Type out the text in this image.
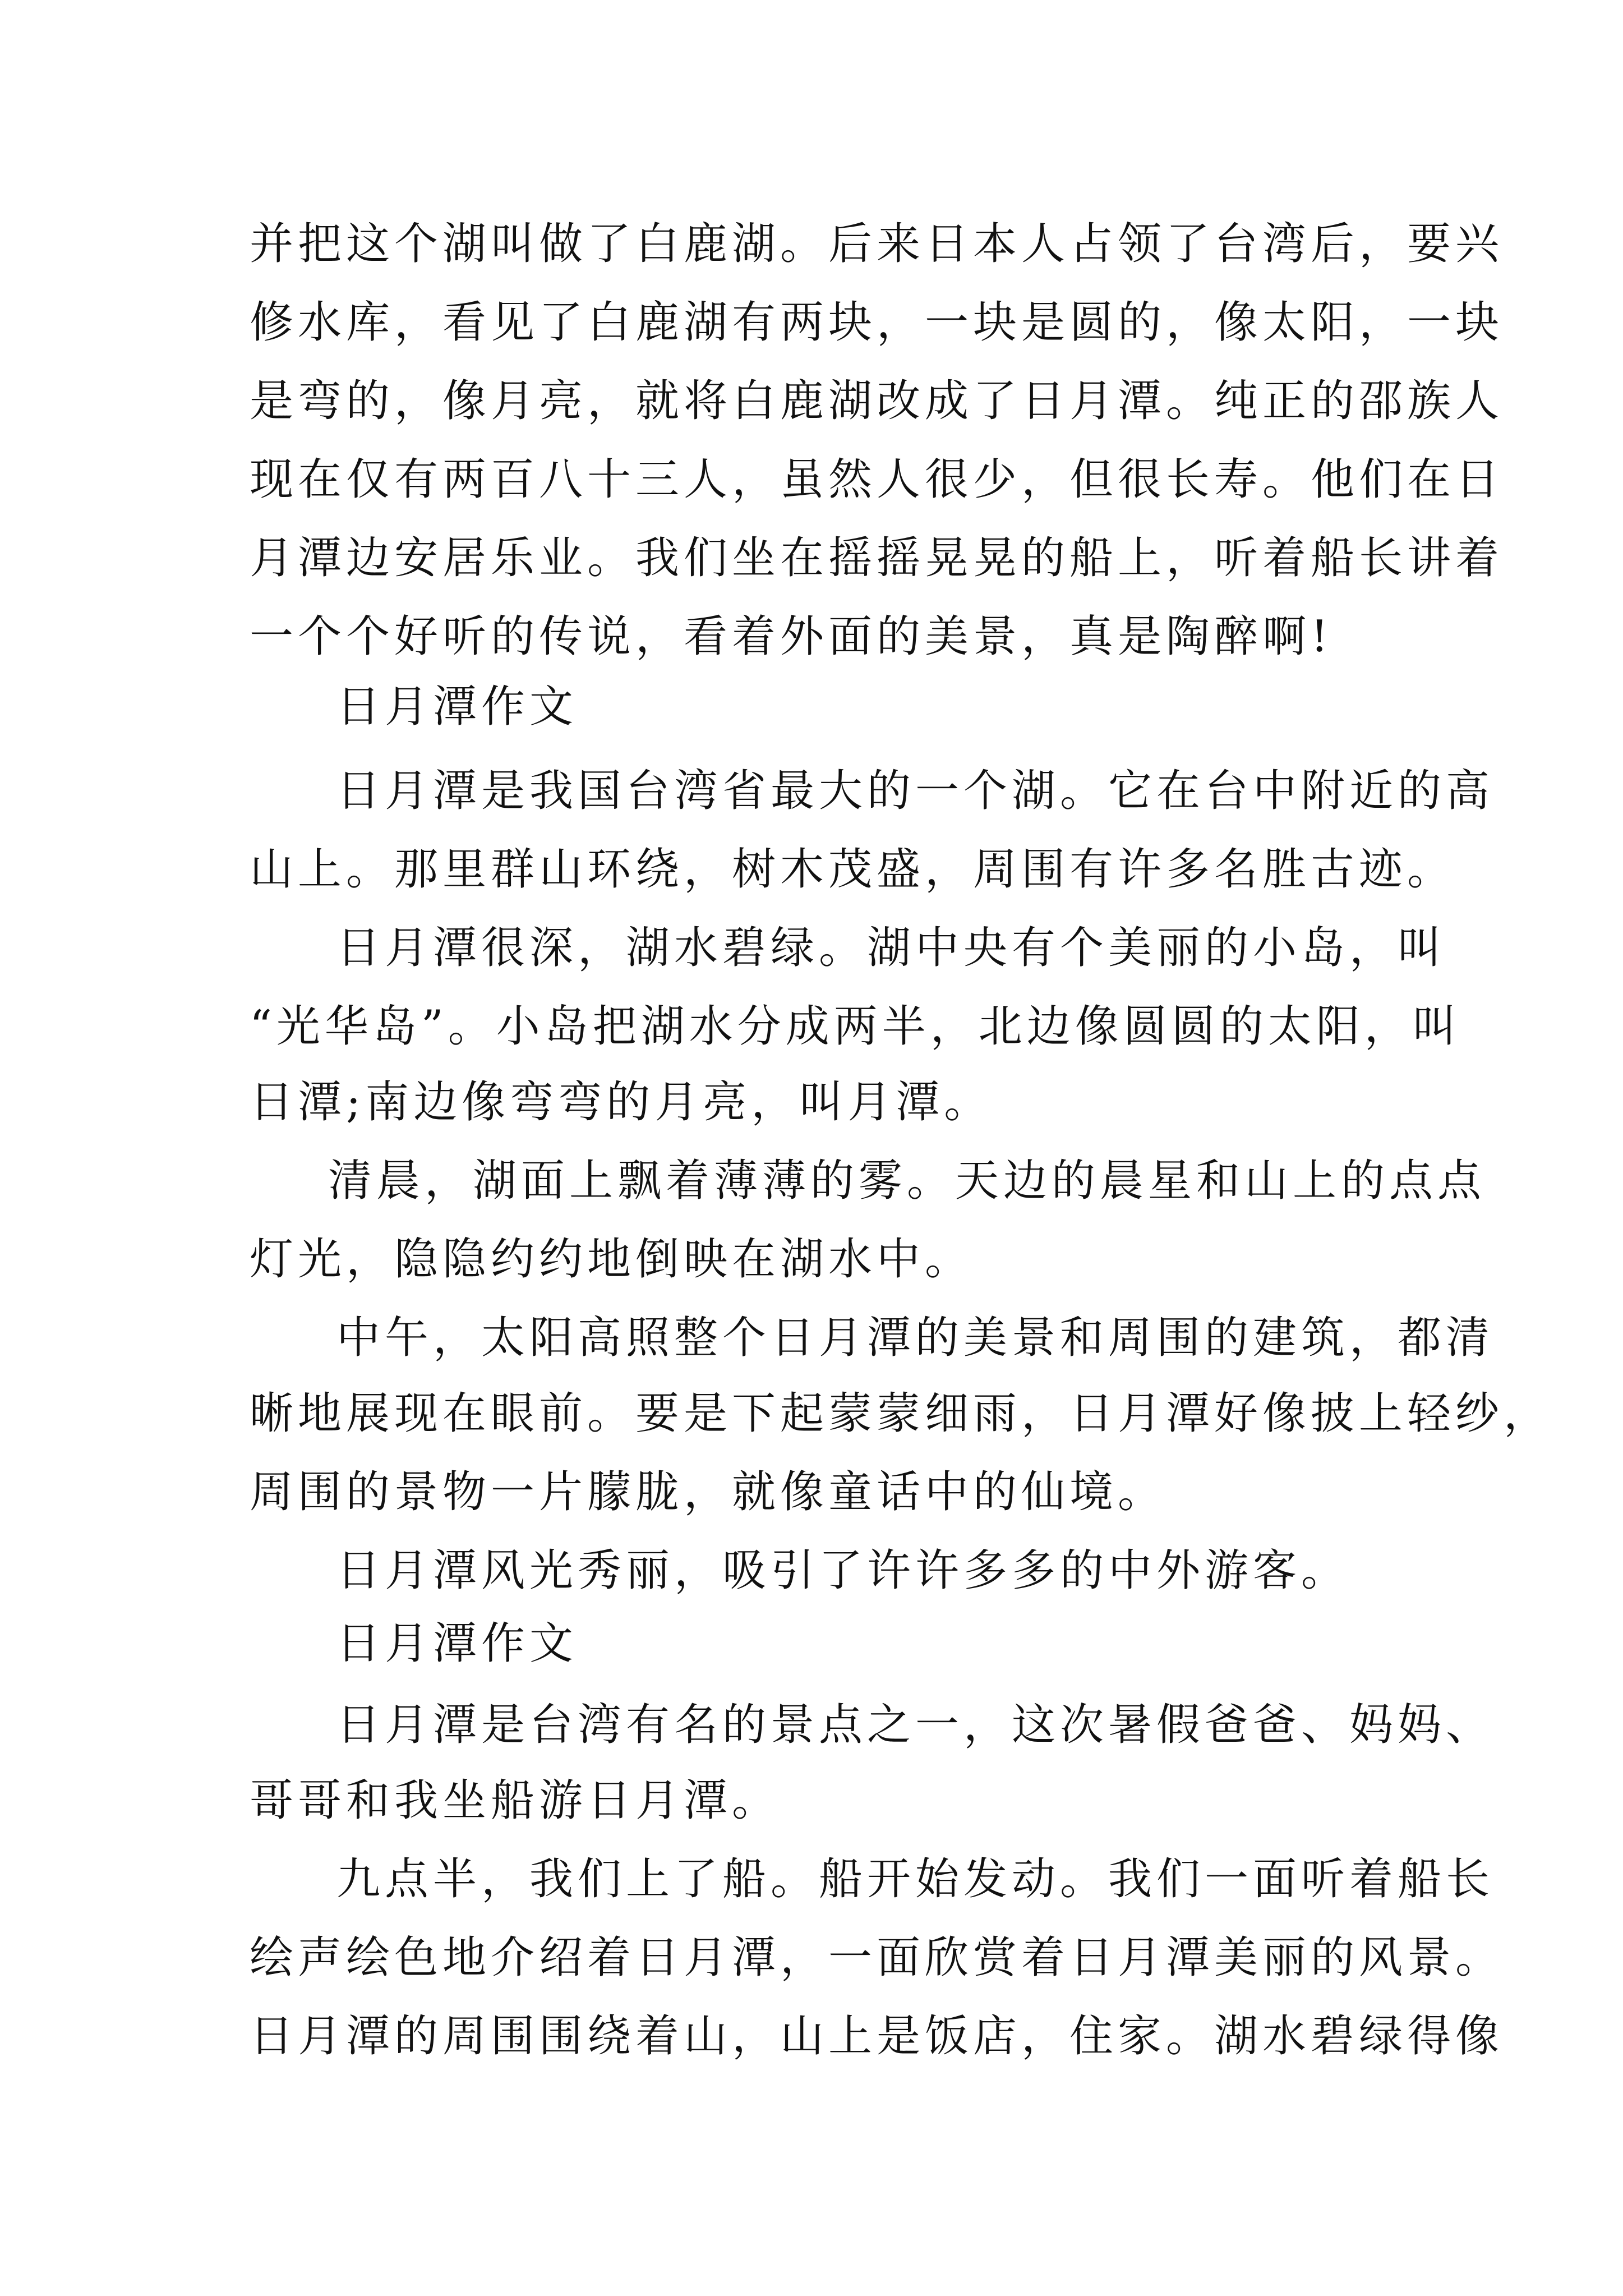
并把这个湖叫做了白鹿湖。后来日本人占领了台湾后，要兴
修水库，看见了白鹿湖有两块，一块是圆的，像太阳，一块
是弯的，像月亮，就将白鹿湖改成了日月潭。纯正的邵族人
现在仅有两百八十三人，虽然人很少，但很长寿。他们在日
月潭边安居乐业。我们坐在摇摇晃晃的船上，听着船长讲着
一个个好听的传说，看着外面的美景，真是陶醉啊!
日月潭作文
日月潭是我国台湾省最大的一个湖。它在台中附近的高
山上。那里群山环绕，树木茂盛，周围有许多名胜古迹。
日月潭很深，湖水碧绿。湖中央有个美丽的小岛，叫
“光华岛”。小岛把湖水分成两半，北边像圆圆的太阳，叫
日潭;南边像弯弯的月亮，叫月潭。
清晨，湖面上飘着薄薄的雾。天边的晨星和山上的点点
灯光，隐隐约约地倒映在湖水中。
中午，太阳高照整个日月潭的美景和周围的建筑，都清
晰地展现在眼前。要是下起蒙蒙细雨，日月潭好像披上轻纱，
周围的景物一片朦胧，就像童话中的仙境。
日月潭风光秀丽，吸引了许许多多的中外游客。
日月潭作文
日月潭是台湾有名的景点之一，这次暑假爸爸、妈妈、
哥哥和我坐船游日月潭。
九点半，我们上了船。船开始发动。我们一面听着船长
绘声绘色地介绍着日月潭，一面欣赏着日月潭美丽的风景。
日月潭的周围围绕着山，山上是饭店，住家。湖水碧绿得像
